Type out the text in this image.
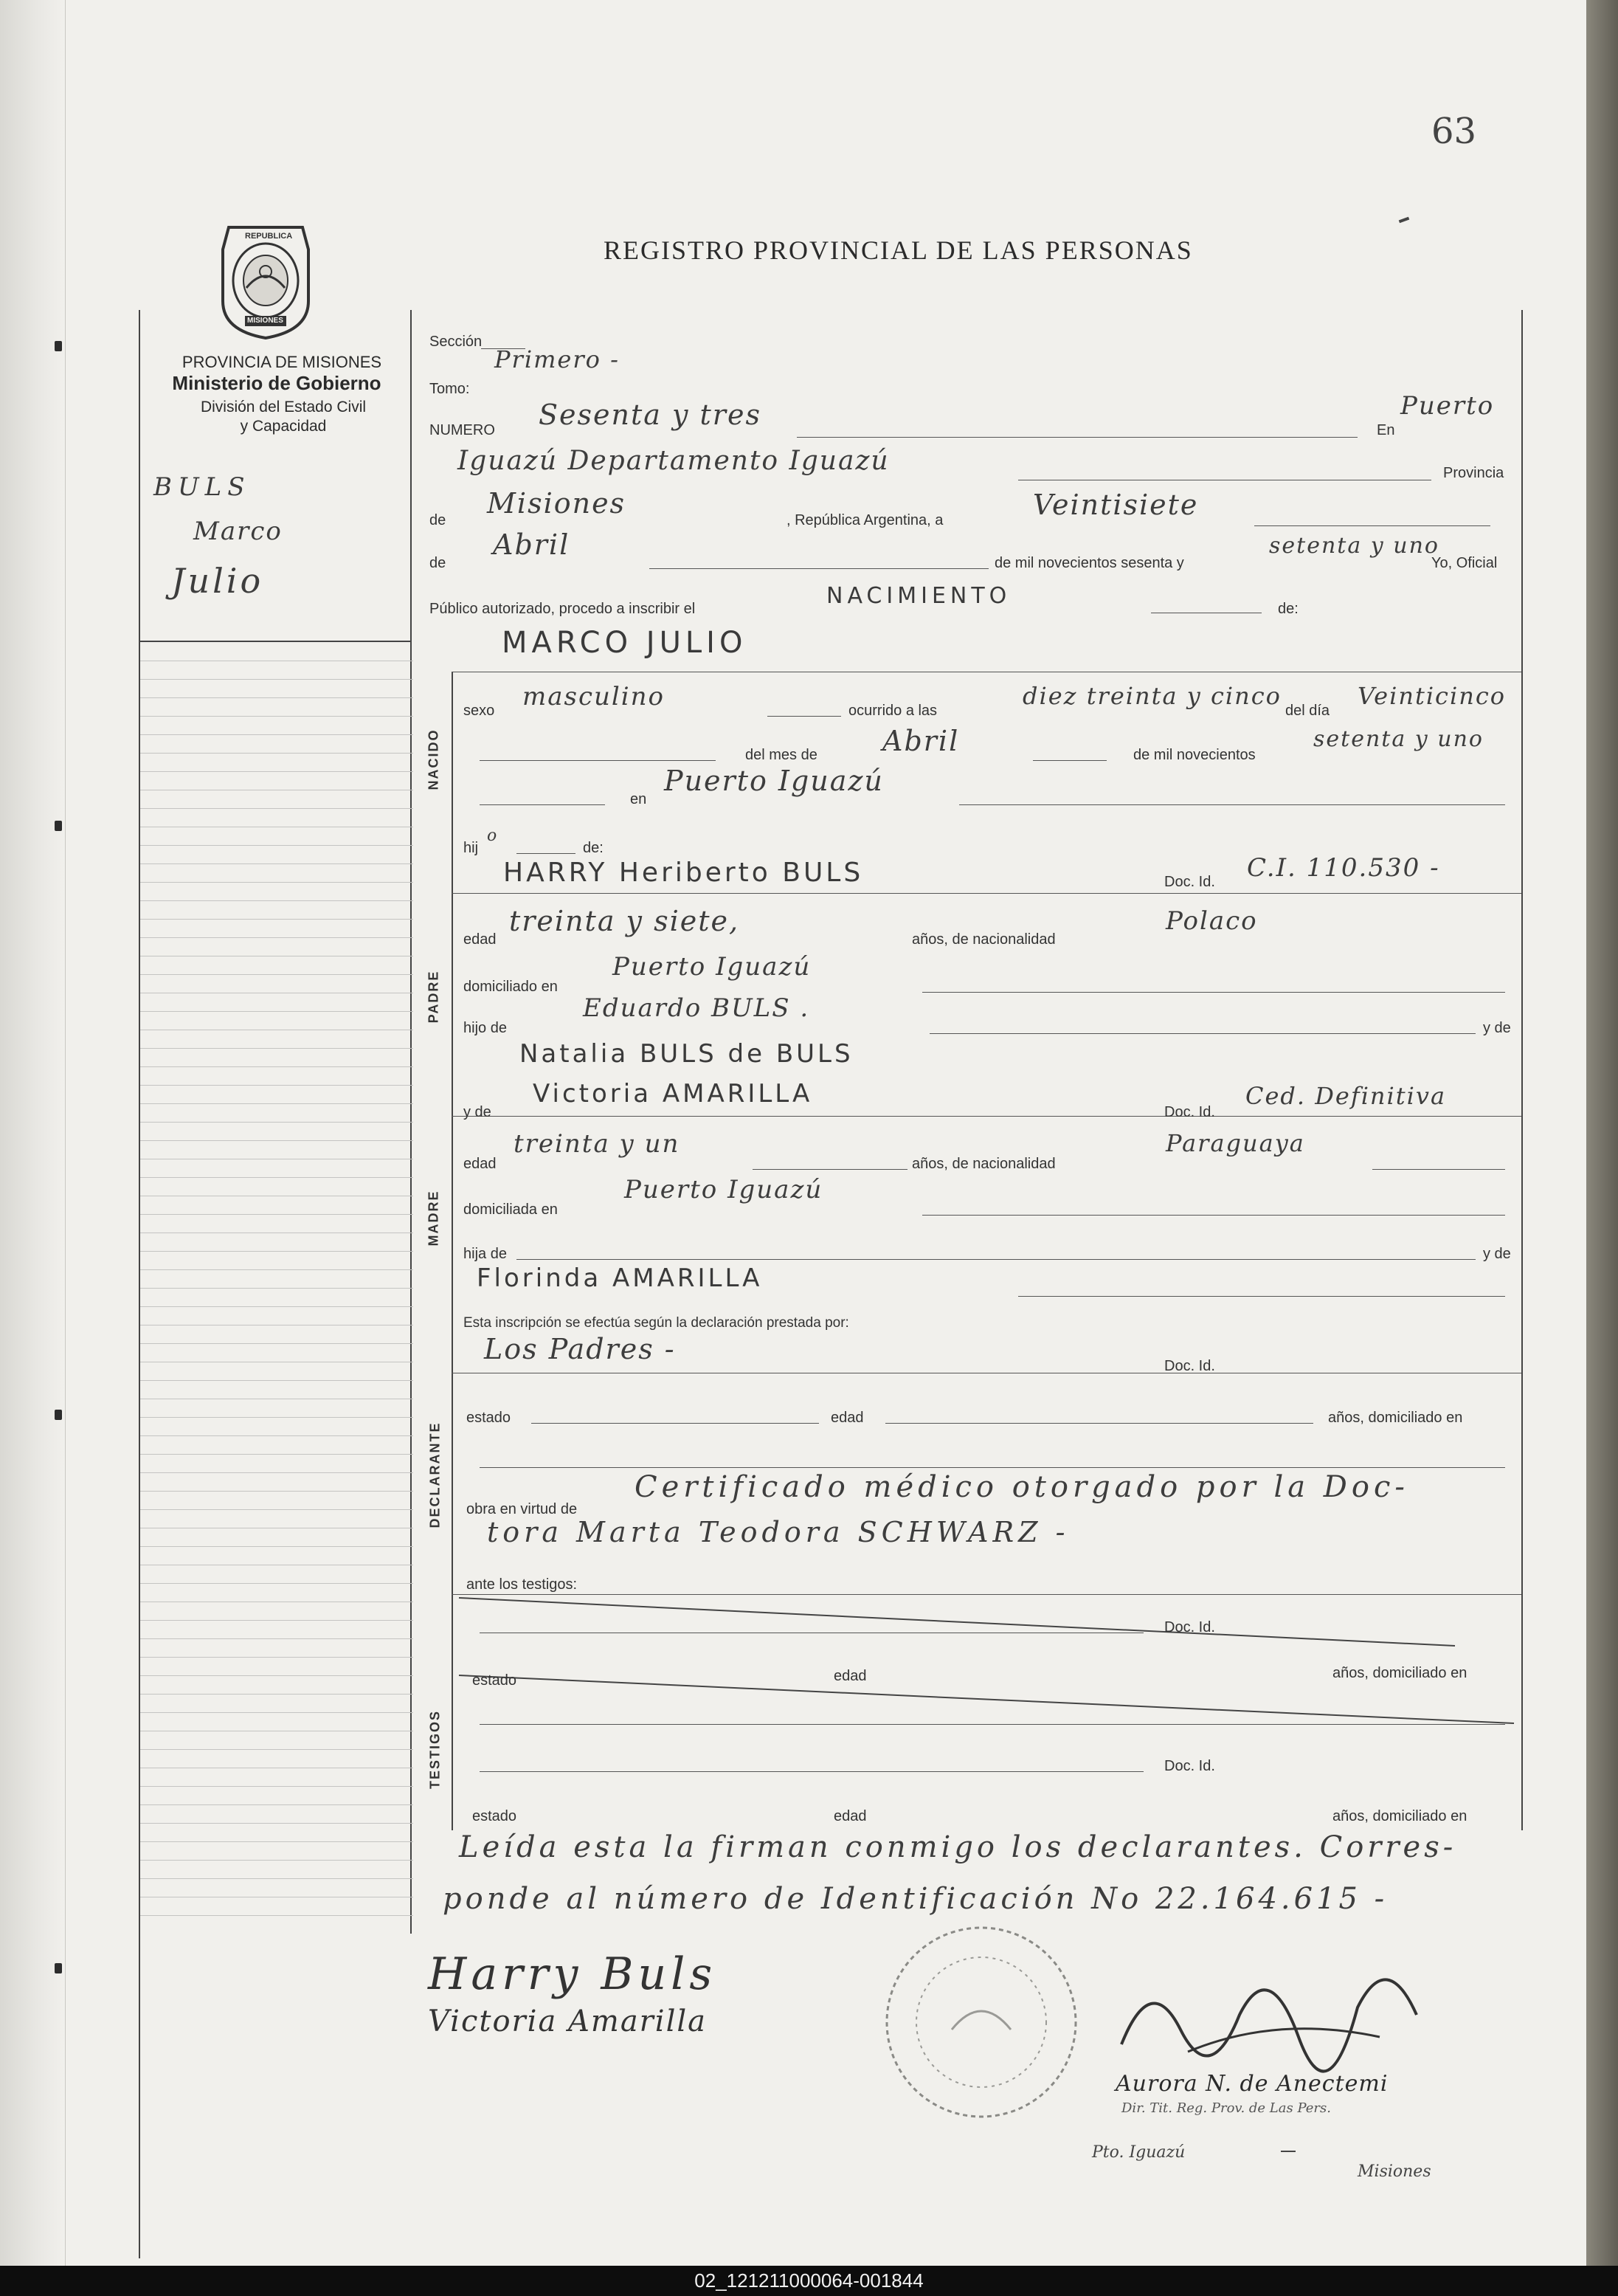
63
REPUBLICA
MISIONES
REGISTRO PROVINCIAL DE LAS PERSONAS
PROVINCIA DE MISIONES
Ministerio de Gobierno
División del Estado Civil
y Capacidad
BULS
Marco
Julio
Sección
Tomo:
Primero -
NUMERO Sesenta y tres	En
Puerto
Iguazú Departamento Iguazú	Provincia
de
Misiones
, República Argentina, a	Veintisiete
de
Abril
de mil novecientos sesenta y
setenta y uno
Yo, Oficial
Público autorizado, procedo a inscribir el	NACIMIENTO	de:
MARCO JULIO
NACIDO
sexo masculino	ocurrido a las
diez treinta y cinco
del día
Veinticinco
del mes de Abril	de mil novecientos
setenta y uno
en
Puerto Iguazú
hij
o
de:
PADRE
HARRY Heriberto BULS	Doc. Id. C.I. 110.530 -
edad
treinta y siete,
años, de nacionalidad
Polaco
domiciliado en
Puerto Iguazú
hijo de
Eduardo BULS .
y de
Natalia BULS de BULS
MADRE
y de
Victoria AMARILLA
Doc. Id.
Ced. Definitiva
edad
treinta y un
años, de nacionalidad
Paraguaya
domiciliada en
Puerto Iguazú
hija de	y de
Florinda AMARILLA
Esta inscripción se efectúa según la declaración prestada por:
Los Padres -
Doc. Id.
DECLARANTE
estado	edad	años, domiciliado en
obra en virtud de
Certificado médico otorgado por la Doc-
tora Marta Teodora SCHWARZ -
ante los testigos:
TESTIGOS
Doc. Id.
estado	edad	años, domiciliado en
Doc. Id.
estado	edad	años, domiciliado en
Leída esta la firman conmigo los declarantes. Corres-
ponde al número de Identificación No 22.164.615 -
Harry Buls
Victoria Amarilla
Aurora N. de Anectemi
Dir. Tit. Reg. Prov. de Las Pers.
Pto. Iguazú
Misiones
02_121211000064-001844
